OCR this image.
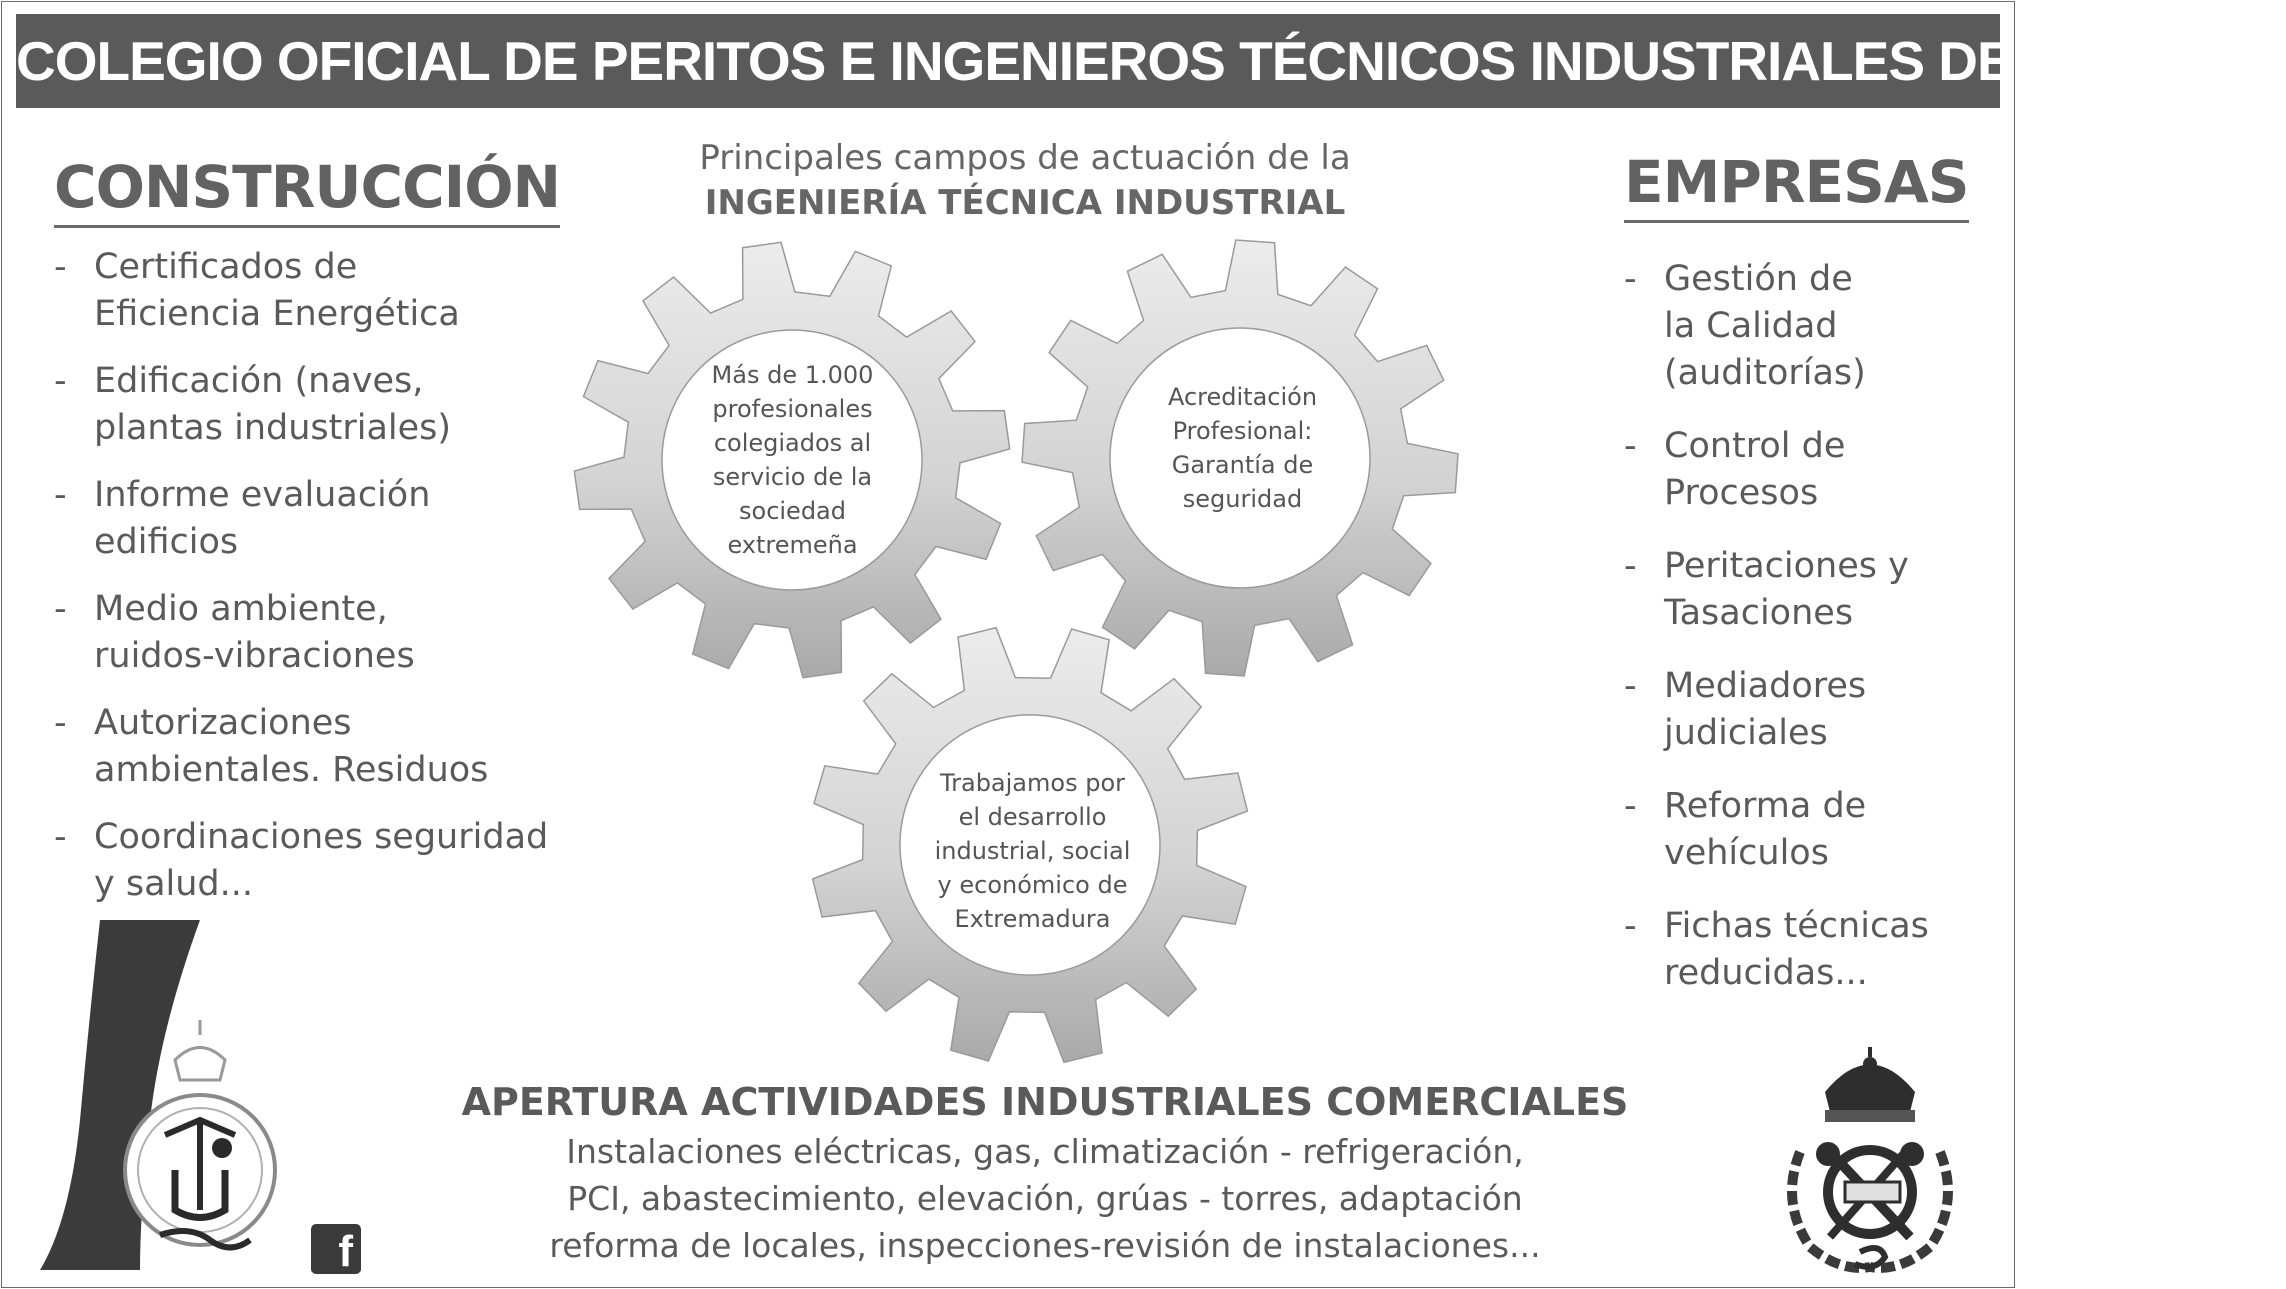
COLEGIO OFICIAL DE PERITOS E INGENIEROS TÉCNICOS INDUSTRIALES DE BADAJOZ
CONSTRUCCIÓN
- Certificados de
Eficiencia Energética
- Edificación (naves,
plantas industriales)
- Informe evaluación
edificios
- Medio ambiente,
ruidos-vibraciones
- Autorizaciones
ambientales. Residuos
- Coordinaciones seguridad
y salud...
EMPRESAS
- Gestión de
la Calidad
(auditorías)
- Control de
Procesos
- Peritaciones y
Tasaciones
- Mediadores
judiciales
- Reforma de
vehículos
- Fichas técnicas
reducidas...
Principales campos de actuación de la
INGENIERÍA TÉCNICA INDUSTRIAL
Más de 1.000
profesionales
colegiados al
servicio de la
sociedad
extremeña
Acreditación
Profesional:
Garantía de
seguridad
Trabajamos por
el desarrollo
industrial, social
y económico de
Extremadura
APERTURA ACTIVIDADES INDUSTRIALES COMERCIALES
Instalaciones eléctricas, gas, climatización - refrigeración,
PCI, abastecimiento, elevación, grúas - torres, adaptación
reforma de locales, inspecciones-revisión de instalaciones...
f
